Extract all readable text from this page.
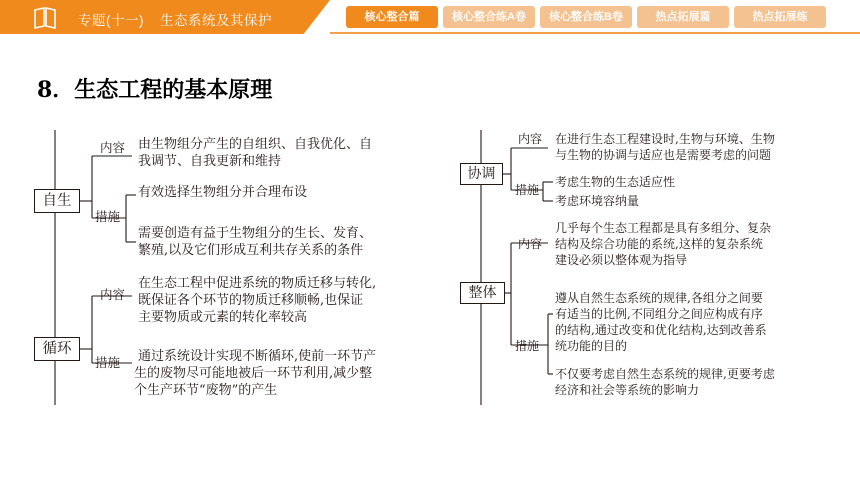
专题(十一) 生态系统及其保护	核心整合篇	核心整合练A卷	核心整合练B卷	热点拓展篇	热点拓展练
8．生态工程的基本原理
自生
内容 由生物组分产生的自组织、自我优化、自
我调节、自我更新和维持
措施
有效选择生物组分并合理布设
需要创造有益于生物组分的生长、发育、
繁殖,以及它们形成互利共存关系的条件
循环
内容
在生态工程中促进系统的物质迁移与转化,
既保证各个环节的物质迁移顺畅,也保证
主要物质或元素的转化率较高
措施 通过系统设计实现不断循环,使前一环节产
生的废物尽可能地被后一环节利用,减少整
个生产环节“废物”的产生
协调
内容 在进行生态工程建设时,生物与环境、生物
与生物的协调与适应也是需要考虑的问题
措施
考虑生物的生态适应性
考虑环境容纳量
整体
内容
几乎每个生态工程都是具有多组分、复杂
结构及综合功能的系统,这样的复杂系统
建设必须以整体观为指导
措施
遵从自然生态系统的规律,各组分之间要
有适当的比例,不同组分之间应构成有序
的结构,通过改变和优化结构,达到改善系
统功能的目的
不仅要考虑自然生态系统的规律,更要考虑
经济和社会等系统的影响力
